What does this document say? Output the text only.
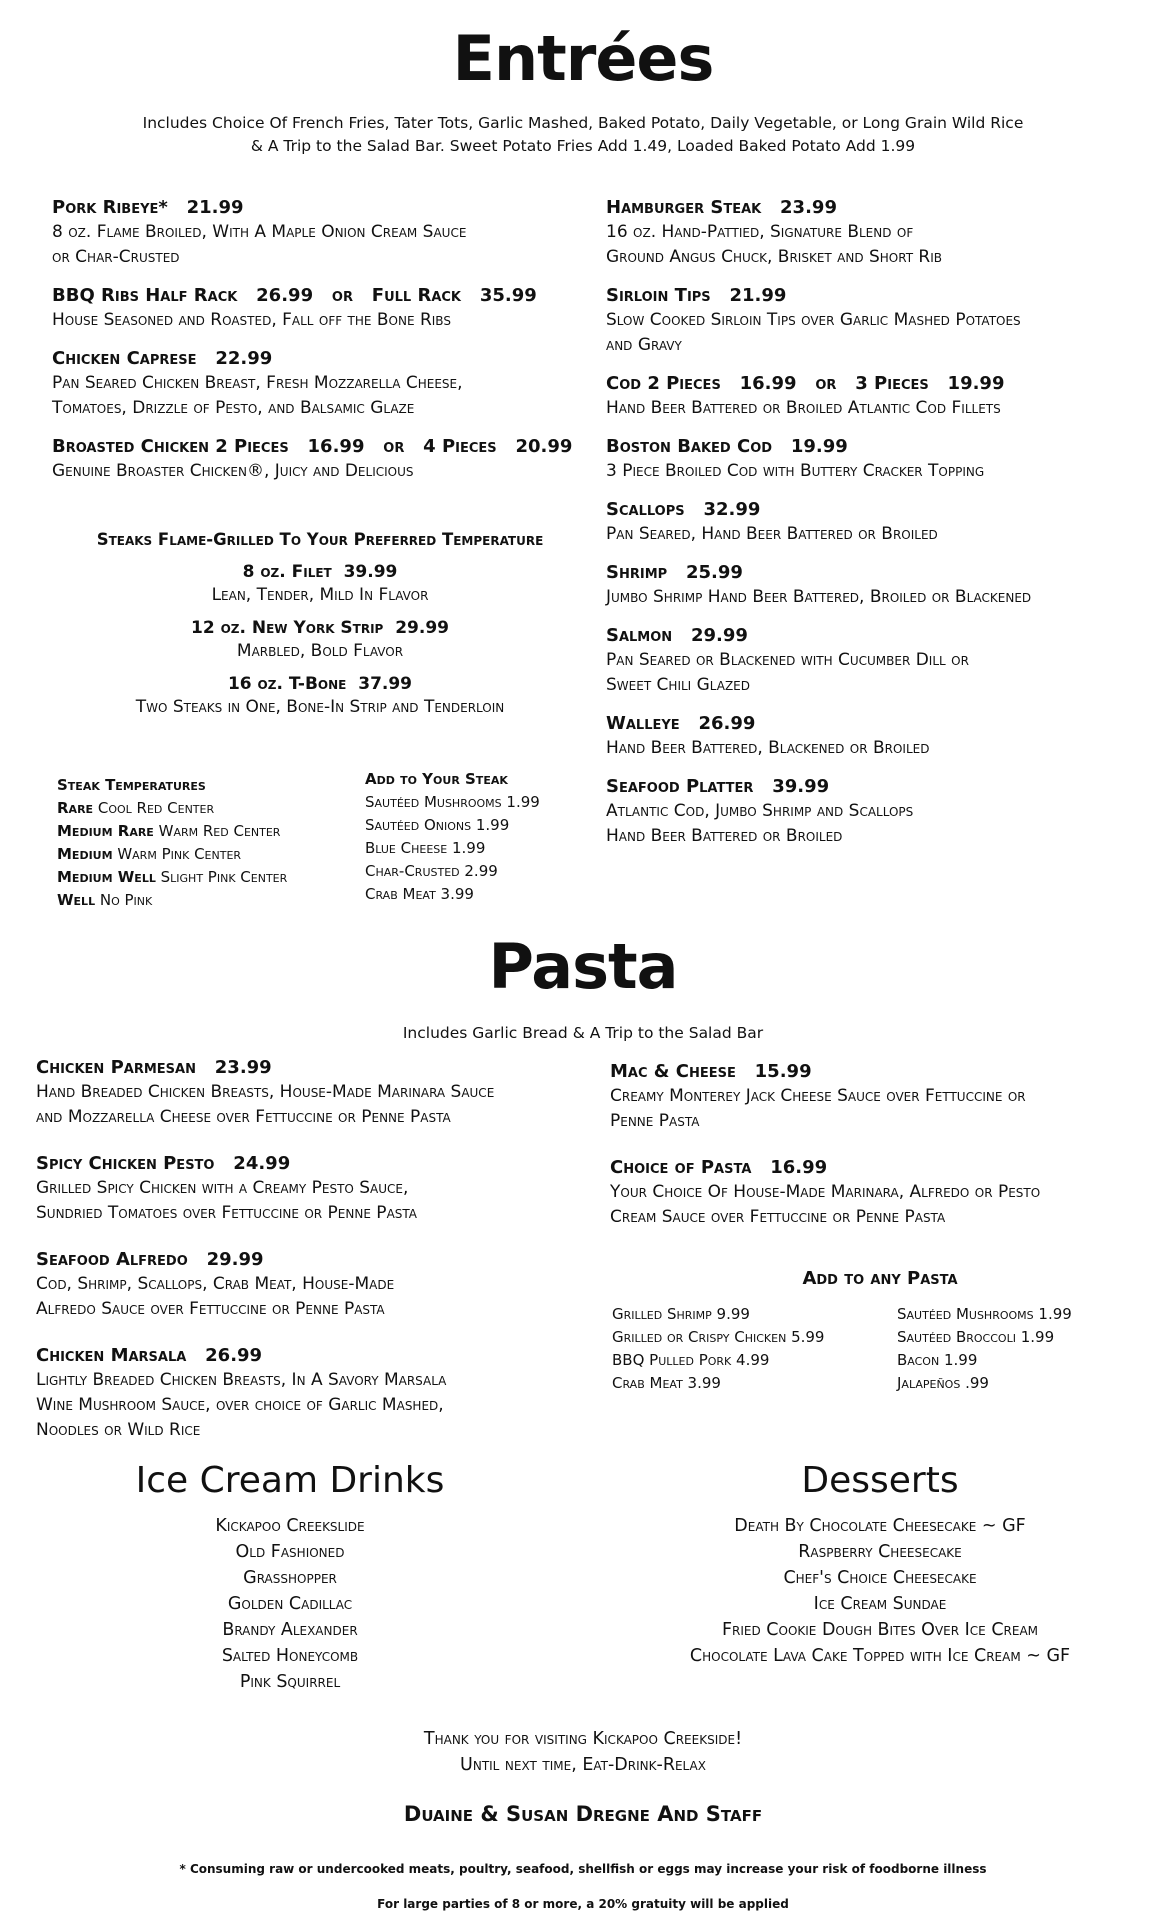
Entrées
Includes Choice Of French Fries, Tater Tots, Garlic Mashed, Baked Potato, Daily Vegetable, or Long Grain Wild Rice
& A Trip to the Salad Bar. Sweet Potato Fries Add 1.49, Loaded Baked Potato Add 1.99
Pork Ribeye* 21.99
8 oz. Flame Broiled, With A Maple Onion Cream Sauce
or Char-Crusted
BBQ Ribs Half Rack 26.99 or Full Rack 35.99
House Seasoned and Roasted, Fall off the Bone Ribs
Chicken Caprese 22.99
Pan Seared Chicken Breast, Fresh Mozzarella Cheese,
Tomatoes, Drizzle of Pesto, and Balsamic Glaze
Broasted Chicken 2 Pieces 16.99 or 4 Pieces 20.99
Genuine Broaster Chicken®, Juicy and Delicious
Hamburger Steak 23.99
16 oz. Hand-Pattied, Signature Blend of
Ground Angus Chuck, Brisket and Short Rib
Sirloin Tips 21.99
Slow Cooked Sirloin Tips over Garlic Mashed Potatoes
and Gravy
Cod 2 Pieces 16.99 or 3 Pieces 19.99
Hand Beer Battered or Broiled Atlantic Cod Fillets
Boston Baked Cod 19.99
3 Piece Broiled Cod with Buttery Cracker Topping
Scallops 32.99
Pan Seared, Hand Beer Battered or Broiled
Shrimp 25.99
Jumbo Shrimp Hand Beer Battered, Broiled or Blackened
Salmon 29.99
Pan Seared or Blackened with Cucumber Dill or
Sweet Chili Glazed
Walleye 26.99
Hand Beer Battered, Blackened or Broiled
Seafood Platter 39.99
Atlantic Cod, Jumbo Shrimp and Scallops
Hand Beer Battered or Broiled
Steaks Flame-Grilled To Your Preferred Temperature
8 oz. Filet 39.99
Lean, Tender, Mild In Flavor
12 oz. New York Strip 29.99
Marbled, Bold Flavor
16 oz. T-Bone 37.99
Two Steaks in One, Bone-In Strip and Tenderloin
Steak Temperatures
Rare Cool Red Center
Medium Rare Warm Red Center
Medium Warm Pink Center
Medium Well Slight Pink Center
Well No Pink
Add to Your Steak
Sautéed Mushrooms 1.99
Sautéed Onions 1.99
Blue Cheese 1.99
Char-Crusted 2.99
Crab Meat 3.99
Pasta
Includes Garlic Bread & A Trip to the Salad Bar
Chicken Parmesan 23.99
Hand Breaded Chicken Breasts, House-Made Marinara Sauce
and Mozzarella Cheese over Fettuccine or Penne Pasta
Spicy Chicken Pesto 24.99
Grilled Spicy Chicken with a Creamy Pesto Sauce,
Sundried Tomatoes over Fettuccine or Penne Pasta
Seafood Alfredo 29.99
Cod, Shrimp, Scallops, Crab Meat, House-Made
Alfredo Sauce over Fettuccine or Penne Pasta
Chicken Marsala 26.99
Lightly Breaded Chicken Breasts, In A Savory Marsala
Wine Mushroom Sauce, over choice of Garlic Mashed,
Noodles or Wild Rice
Mac & Cheese 15.99
Creamy Monterey Jack Cheese Sauce over Fettuccine or
Penne Pasta
Choice of Pasta 16.99
Your Choice Of House-Made Marinara, Alfredo or Pesto
Cream Sauce over Fettuccine or Penne Pasta
Add to any Pasta
Grilled Shrimp 9.99
Grilled or Crispy Chicken 5.99
BBQ Pulled Pork 4.99
Crab Meat 3.99
Sautéed Mushrooms 1.99
Sautéed Broccoli 1.99
Bacon 1.99
Jalapeños .99
Ice Cream Drinks
Kickapoo Creekslide
Old Fashioned
Grasshopper
Golden Cadillac
Brandy Alexander
Salted Honeycomb
Pink Squirrel
Desserts
Death By Chocolate Cheesecake ~ GF
Raspberry Cheesecake
Chef's Choice Cheesecake
Ice Cream Sundae
Fried Cookie Dough Bites Over Ice Cream
Chocolate Lava Cake Topped with Ice Cream ~ GF
Thank you for visiting Kickapoo Creekside!
Until next time, Eat-Drink-Relax
Duaine & Susan Dregne And Staff
* Consuming raw or undercooked meats, poultry, seafood, shellfish or eggs may increase your risk of foodborne illness
For large parties of 8 or more, a 20% gratuity will be applied
